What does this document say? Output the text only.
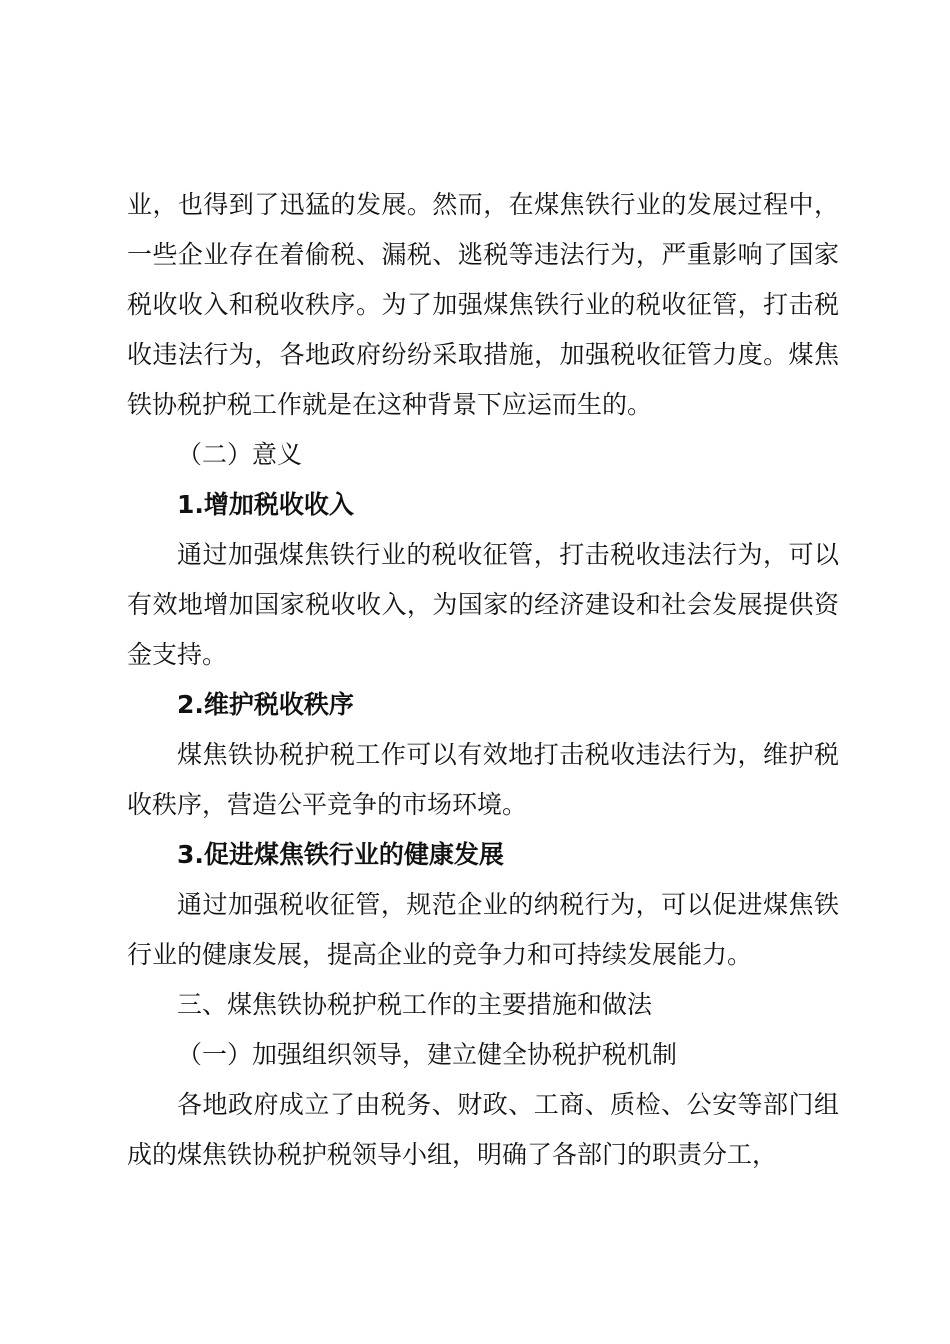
业，也得到了迅猛的发展。然而，在煤焦铁行业的发展过程中，一些企业存在着偷税、漏税、逃税等违法行为，严重影响了国家税收收入和税收秩序。为了加强煤焦铁行业的税收征管，打击税收违法行为，各地政府纷纷采取措施，加强税收征管力度。煤焦铁协税护税工作就是在这种背景下应运而生的。

（二）意义

1.增加税收收入

通过加强煤焦铁行业的税收征管，打击税收违法行为，可以有效地增加国家税收收入，为国家的经济建设和社会发展提供资金支持。

2.维护税收秩序

煤焦铁协税护税工作可以有效地打击税收违法行为，维护税收秩序，营造公平竞争的市场环境。

3.促进煤焦铁行业的健康发展

通过加强税收征管，规范企业的纳税行为，可以促进煤焦铁行业的健康发展，提高企业的竞争力和可持续发展能力。

三、煤焦铁协税护税工作的主要措施和做法

（一）加强组织领导，建立健全协税护税机制

各地政府成立了由税务、财政、工商、质检、公安等部门组成的煤焦铁协税护税领导小组，明确了各部门的职责分工，
